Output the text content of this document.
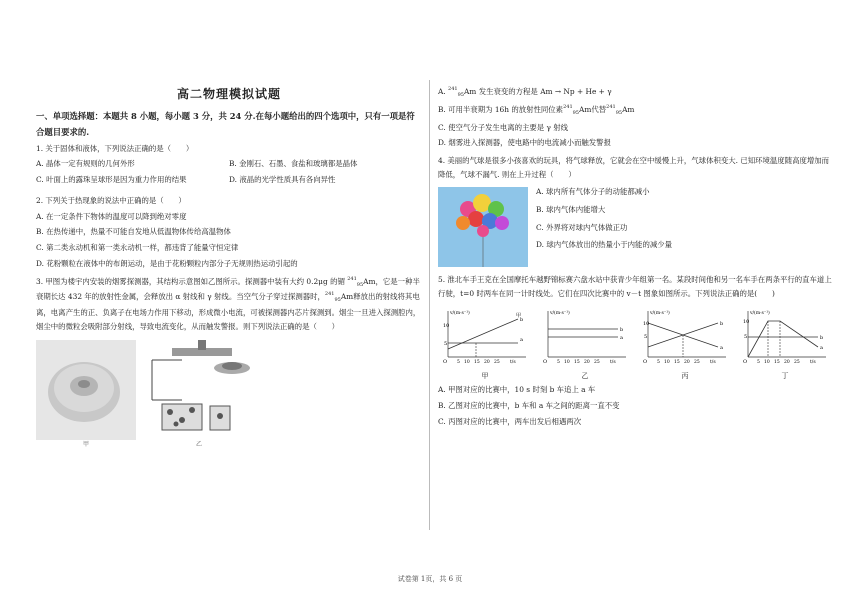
高二物理模拟试题
一、单项选择题：本题共 8 小题，每小题 3 分，共 24 分.在每小题给出的四个选项中，只有一项是符合题目要求的.
1. 关于固体和液体，下列说法正确的是（　　）
A. 晶体一定有规则的几何外形	B. 金刚石、石墨、食盐和玻璃都是晶体
C. 叶面上的露珠呈球形是因为重力作用的结果	D. 液晶的光学性质具有各向异性
2. 下列关于热现象的说法中正确的是（　　）
A. 在一定条件下物体的温度可以降到绝对零度
B. 在热传递中，热量不可能自发地从低温物体传给高温物体
C. 第二类永动机和第一类永动机一样，都违背了能量守恒定律
D. 花粉颗粒在液体中的布朗运动，是由于花粉颗粒内部分子无规则热运动引起的
3. 甲图为楼宇内安装的烟雾探测器，其结构示意图如乙图所示。探测器中装有大约 0.2μg 的镅 $^{241}_{95}$Am，它是一种半衰期长达 432 年的放射性金属，会释放出 α 射线和 γ 射线。当空气分子穿过探测器时，$^{241}_{95}$Am释放出的射线将其电离，电离产生的正、负离子在电场力作用下移动，形成微小电流，可被探测器内芯片探测到。烟尘一旦进入探测腔内，烟尘中的微粒会吸附部分射线，导致电流变化，从而触发警报。则下列说法正确的是（　　）
甲	乙
A. $^{241}_{95}$Am 发生衰变的方程是 Am → Np + He + γ
B. 可用半衰期为 16h 的放射性同位素$^{241}_{95}$Am代替$^{241}_{95}$Am
C. 使空气分子发生电离的主要是 γ 射线
D. 烟雾进入探测器，使电路中的电流减小而触发警报
4. 美丽的气球是很多小孩喜欢的玩具，将气球释放，它就会在空中缓慢上升，气球体积变大. 已知环境温度随高度增加而降低，气球不漏气. 则在上升过程（　　）
A. 球内所有气体分子的动能都减小
B. 球内气体内能增大
C. 外界将对球内气体做正功
D. 球内气体放出的热量小于内能的减少量
5. 淮北车手王克在全国摩托车越野锦标赛六盘水站中获青少年组第一名。某段时间他和另一名车手在两条平行的直车道上行驶，t=0 时两车在同一计时线处。它们在四次比赛中的 v－t 图象如图所示。下列说法正确的是(　　)
甲
b
a
v/(m·s⁻¹)
10
5
O 5 10 15 20 25 t/s
甲
b
a
v/(m·s⁻¹)
O 5 10 15 20 25 t/s
乙
b
a
v/(m·s⁻¹)
10
5
O 5 10 15 20 25 t/s
丙
b
a
v/(m·s⁻¹)
10
5
O 5 10 15 20 25 t/s
丁
A. 甲图对应的比赛中，10 s 时刻 b 车追上 a 车
B. 乙图对应的比赛中，b 车和 a 车之间的距离一直不变
C. 丙图对应的比赛中，两车出发后相遇两次
试卷第 1页，共 6 页
